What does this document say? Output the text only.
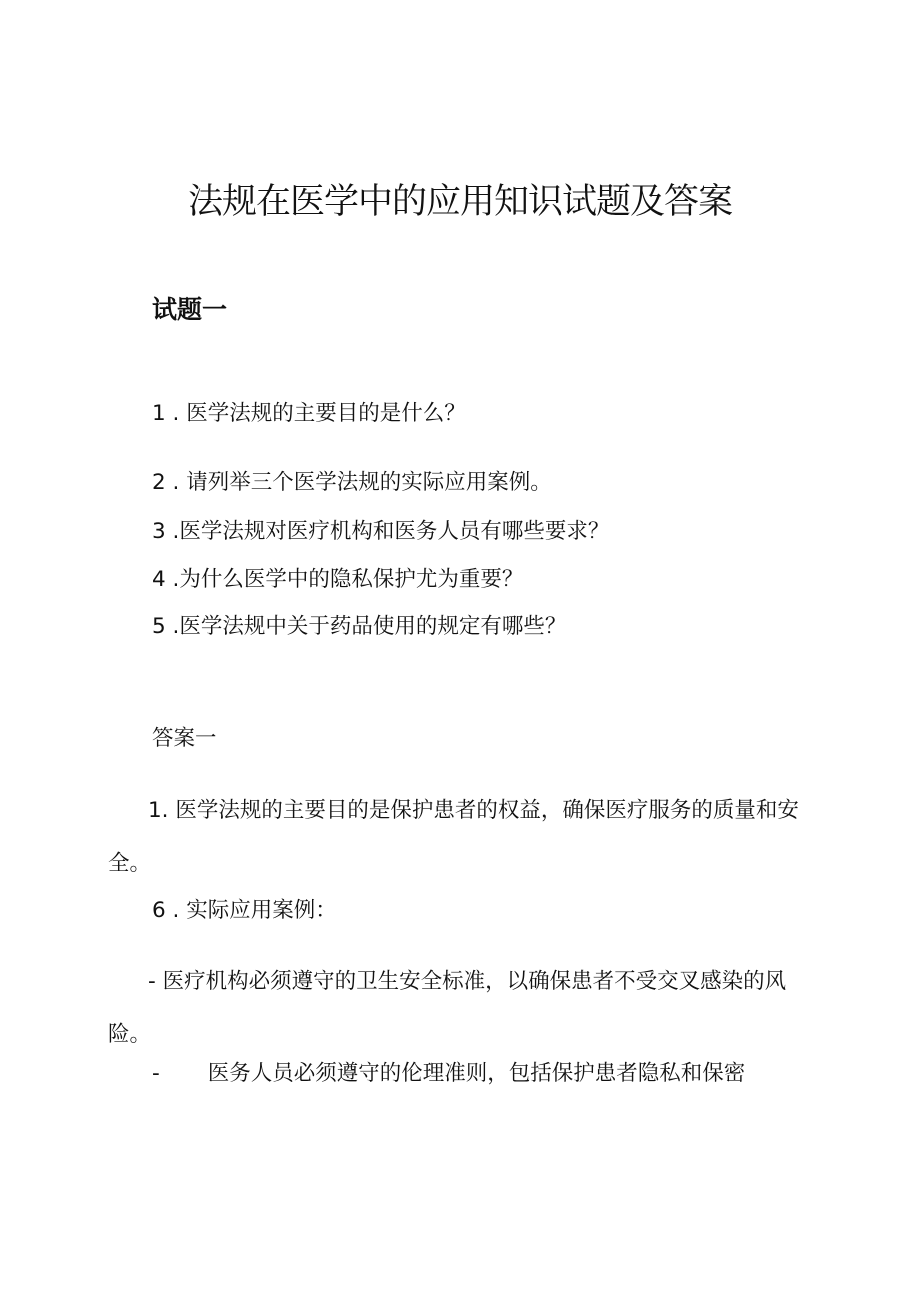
法规在医学中的应用知识试题及答案
试题一

1 . 医学法规的主要目的是什么？

2 . 请列举三个医学法规的实际应用案例。

3 .医学法规对医疗机构和医务人员有哪些要求？

4 .为什么医学中的隐私保护尤为重要？

5 .医学法规中关于药品使用的规定有哪些？

答案一

1. 医学法规的主要目的是保护患者的权益，确保医疗服务的质量和安全。

6 . 实际应用案例：

- 医疗机构必须遵守的卫生安全标准，以确保患者不受交叉感染的风险。

- 医务人员必须遵守的伦理准则，包括保护患者隐私和保密
